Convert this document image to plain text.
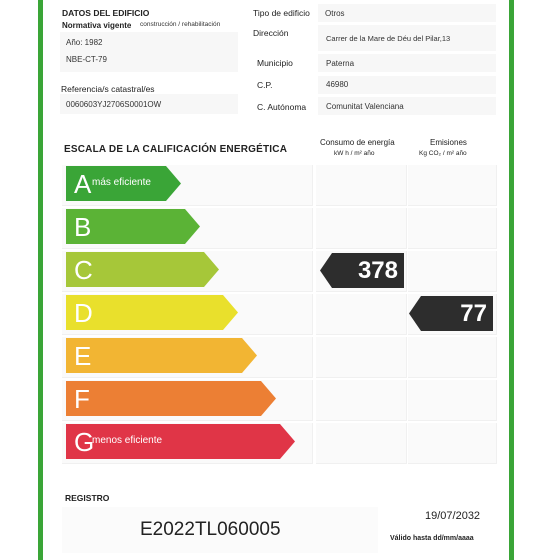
DATOS DEL EDIFICIO
Normativa vigente construcción / rehabilitación
Año: 1982
NBE-CT-79
Referencia/s catastral/es
0060603YJ2706S0001OW
Tipo de edificio Otros
Dirección
Carrer de la Mare de Déu del Pilar,13
Municipio	Paterna
C.P.	46980
C. Autónoma Comunitat Valenciana
ESCALA DE LA CALIFICACIÓN ENERGÉTICA
Consumo de energía
kW h / m² año
Emisiones
Kg CO₂ / m² año
A más eficiente
B
C
D
E
F
G
menos eficiente
378
77
REGISTRO
E2022TL060005
19/07/2032
Válido hasta dd/mm/aaaa
